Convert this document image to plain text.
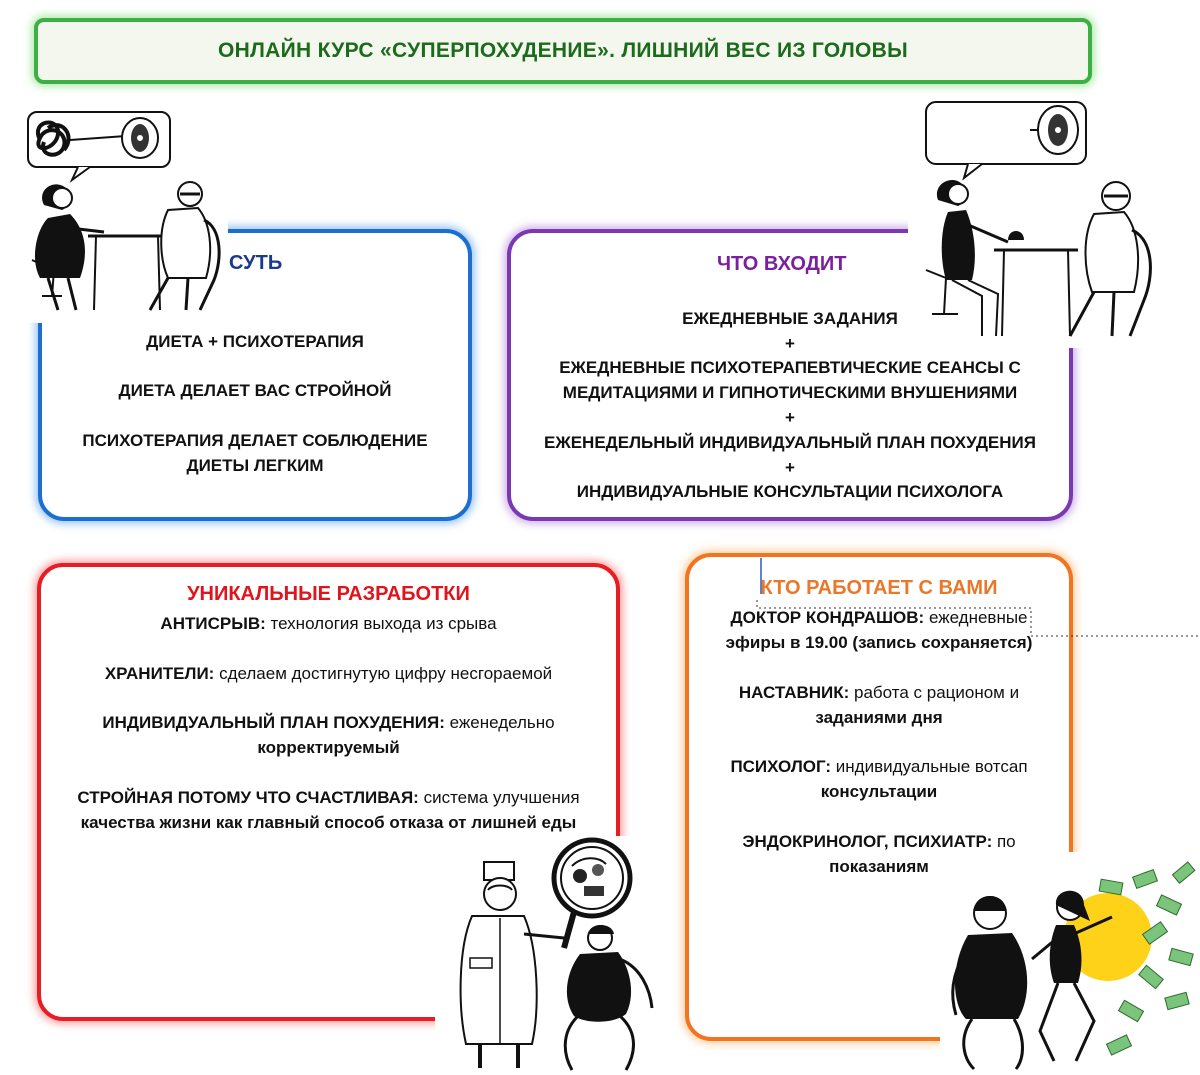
ОНЛАЙН КУРС «СУПЕРПОХУДЕНИЕ». ЛИШНИЙ ВЕС ИЗ ГОЛОВЫ
СУТЬ
ДИЕТА + ПСИХОТЕРАПИЯ
ДИЕТА ДЕЛАЕТ ВАС СТРОЙНОЙ
ПСИХОТЕРАПИЯ ДЕЛАЕТ СОБЛЮДЕНИЕ
ДИЕТЫ ЛЕГКИМ
ЧТО ВХОДИТ
ЕЖЕДНЕВНЫЕ ЗАДАНИЯ
+
ЕЖЕДНЕВНЫЕ ПСИХОТЕРАПЕВТИЧЕСКИЕ СЕАНСЫ С
МЕДИТАЦИЯМИ И ГИПНОТИЧЕСКИМИ ВНУШЕНИЯМИ
+
ЕЖЕНЕДЕЛЬНЫЙ ИНДИВИДУАЛЬНЫЙ ПЛАН ПОХУДЕНИЯ
+
ИНДИВИДУАЛЬНЫЕ КОНСУЛЬТАЦИИ ПСИХОЛОГА
УНИКАЛЬНЫЕ РАЗРАБОТКИ
АНТИСРЫВ: технология выхода из срыва
ХРАНИТЕЛИ: сделаем достигнутую цифру несгораемой
ИНДИВИДУАЛЬНЫЙ ПЛАН ПОХУДЕНИЯ: еженедельно
корректируемый
СТРОЙНАЯ ПОТОМУ ЧТО СЧАСТЛИВАЯ: система улучшения
качества жизни как главный способ отказа от лишней еды
КТО РАБОТАЕТ С ВАМИ
ДОКТОР КОНДРАШОВ: ежедневные
эфиры в 19.00 (запись сохраняется)
НАСТАВНИК: работа с рационом и
заданиями дня
ПСИХОЛОГ: индивидуальные вотсап
консультации
ЭНДОКРИНОЛОГ, ПСИХИАТР: по
показаниям
